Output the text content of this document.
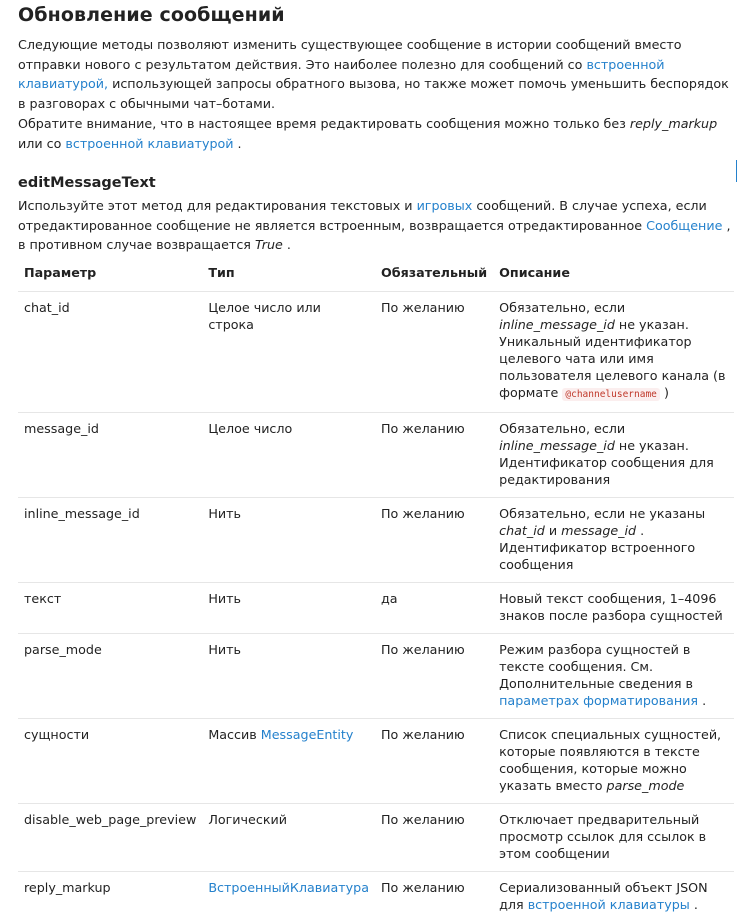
Обновление сообщений

Следующие методы позволяют изменить существующее сообщение в истории сообщений вместо отправки нового с результатом действия. Это наиболее полезно для сообщений со встроенной клавиатурой, использующей запросы обратного вызова, но также может помочь уменьшить беспорядок в разговорах с обычными чат–ботами.

Обратите внимание, что в настоящее время редактировать сообщения можно только без reply_markup или со встроенной клавиатурой .

editMessageText

Используйте этот метод для редактирования текстовых и игровых сообщений. В случае успеха, если отредактированное сообщение не является встроенным, возвращается отредактированное Сообщение , в противном случае возвращается True .

Параметр	Тип	Обязательный	Описание
chat_id	Целое число или строка	По желанию	Обязательно, если inline_message_id не указан. Уникальный идентификатор целевого чата или имя пользователя целевого канала (в формате @channelusername )
message_id	Целое число	По желанию	Обязательно, если inline_message_id не указан. Идентификатор сообщения для редактирования
inline_message_id	Нить	По желанию	Обязательно, если не указаны chat_id и message_id . Идентификатор встроенного сообщения
текст	Нить	да	Новый текст сообщения, 1–4096 знаков после разбора сущностей
parse_mode	Нить	По желанию	Режим разбора сущностей в тексте сообщения. См. Дополнительные сведения в параметрах форматирования .
сущности	Массив MessageEntity	По желанию	Список специальных сущностей, которые появляются в тексте сообщения, которые можно указать вместо parse_mode
disable_web_page_preview	Логический	По желанию	Отключает предварительный просмотр ссылок для ссылок в этом сообщении
reply_markup	ВстроенныйКлавиатура	По желанию	Сериализованный объект JSON для встроенной клавиатуры .
